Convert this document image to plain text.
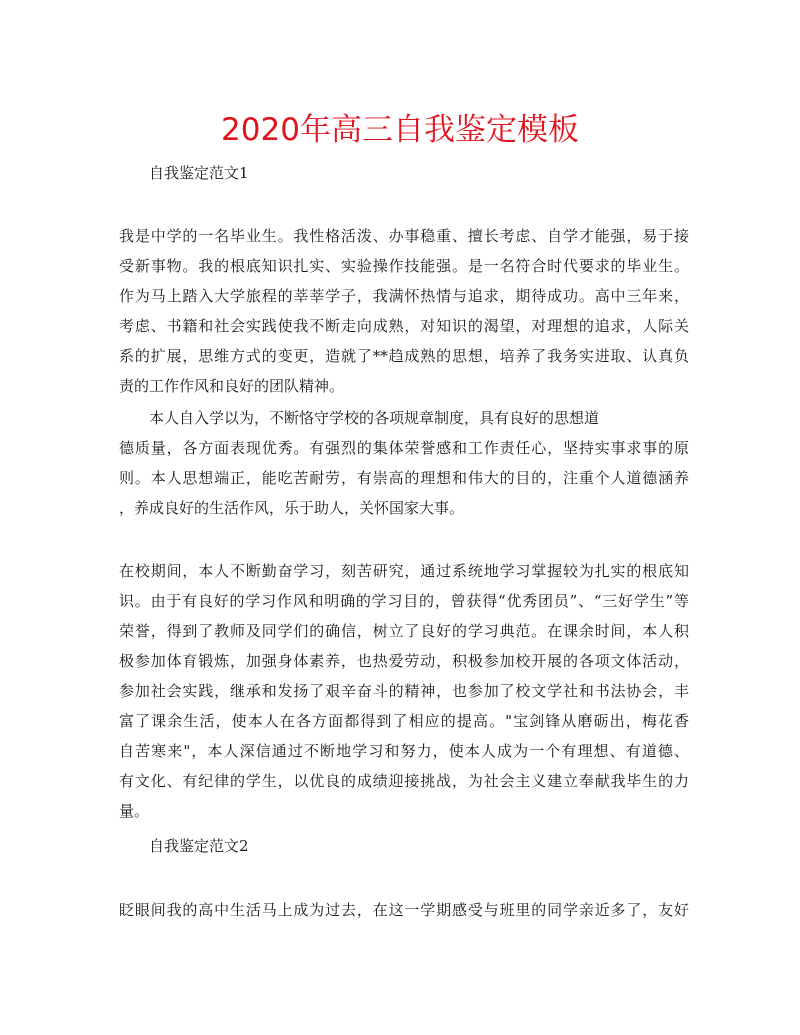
2020年高三自我鉴定模板
自我鉴定范文1
我是中学的一名毕业生。我性格活泼、办事稳重、擅长考虑、自学才能强，易于接
受新事物。我的根底知识扎实、实验操作技能强。是一名符合时代要求的毕业生。
作为马上踏入大学旅程的莘莘学子，我满怀热情与追求，期待成功。高中三年来，
考虑、书籍和社会实践使我不断走向成熟，对知识的渴望，对理想的追求，人际关
系的扩展，思维方式的变更，造就了**趋成熟的思想，培养了我务实进取、认真负
责的工作作风和良好的团队精神。
本人自入学以为，不断恪守学校的各项规章制度，具有良好的思想道
德质量，各方面表现优秀。有强烈的集体荣誉感和工作责任心，坚持实事求事的原
则。本人思想端正，能吃苦耐劳，有崇高的理想和伟大的目的，注重个人道德涵养
，养成良好的生活作风，乐于助人，关怀国家大事。
在校期间，本人不断勤奋学习，刻苦研究，通过系统地学习掌握较为扎实的根底知
识。由于有良好的学习作风和明确的学习目的，曾获得“优秀团员”、“三好学生”等
荣誉，得到了教师及同学们的确信，树立了良好的学习典范。在课余时间，本人积
极参加体育锻炼，加强身体素养，也热爱劳动，积极参加校开展的各项文体活动，
参加社会实践，继承和发扬了艰辛奋斗的精神，也参加了校文学社和书法协会，丰
富了课余生活，使本人在各方面都得到了相应的提高。"宝剑锋从磨砺出，梅花香
自苦寒来"，本人深信通过不断地学习和努力，使本人成为一个有理想、有道德、
有文化、有纪律的学生，以优良的成绩迎接挑战，为社会主义建立奉献我毕生的力
量。
自我鉴定范文2
眨眼间我的高中生活马上成为过去，在这一学期感受与班里的同学亲近多了，友好
